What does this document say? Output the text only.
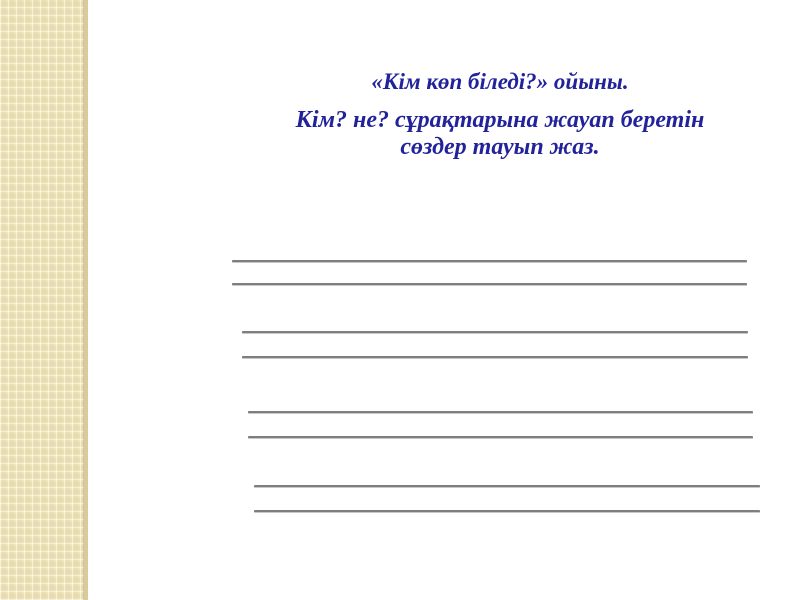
«Кім көп біледі?» ойыны.
Кім? не? сұрақтарына жауап беретін
сөздер тауып жаз.
